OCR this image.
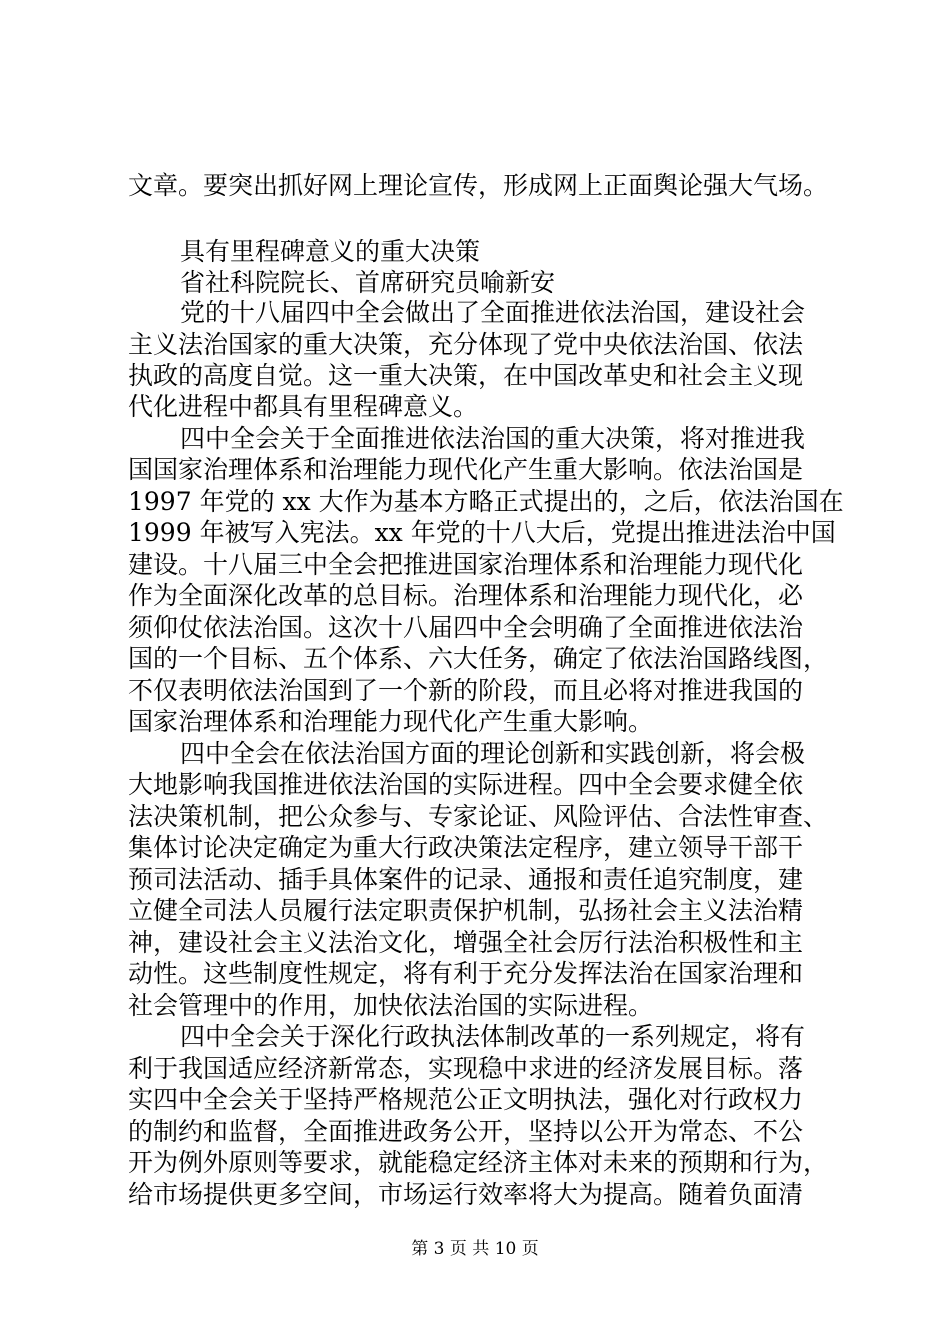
文章。要突出抓好网上理论宣传，形成网上正面舆论强大气场。
具有里程碑意义的重大决策
省社科院院长、首席研究员喻新安
党的十八届四中全会做出了全面推进依法治国，建设社会
主义法治国家的重大决策，充分体现了党中央依法治国、依法
执政的高度自觉。这一重大决策，在中国改革史和社会主义现
代化进程中都具有里程碑意义。
四中全会关于全面推进依法治国的重大决策，将对推进我
国国家治理体系和治理能力现代化产生重大影响。依法治国是
1997 年党的 xx 大作为基本方略正式提出的，之后，依法治国在
1999 年被写入宪法。xx 年党的十八大后，党提出推进法治中国
建设。十八届三中全会把推进国家治理体系和治理能力现代化
作为全面深化改革的总目标。治理体系和治理能力现代化，必
须仰仗依法治国。这次十八届四中全会明确了全面推进依法治
国的一个目标、五个体系、六大任务，确定了依法治国路线图，
不仅表明依法治国到了一个新的阶段，而且必将对推进我国的
国家治理体系和治理能力现代化产生重大影响。
四中全会在依法治国方面的理论创新和实践创新，将会极
大地影响我国推进依法治国的实际进程。四中全会要求健全依
法决策机制，把公众参与、专家论证、风险评估、合法性审查、
集体讨论决定确定为重大行政决策法定程序，建立领导干部干
预司法活动、插手具体案件的记录、通报和责任追究制度，建
立健全司法人员履行法定职责保护机制，弘扬社会主义法治精
神，建设社会主义法治文化，增强全社会厉行法治积极性和主
动性。这些制度性规定，将有利于充分发挥法治在国家治理和
社会管理中的作用，加快依法治国的实际进程。
四中全会关于深化行政执法体制改革的一系列规定，将有
利于我国适应经济新常态，实现稳中求进的经济发展目标。落
实四中全会关于坚持严格规范公正文明执法，强化对行政权力
的制约和监督，全面推进政务公开，坚持以公开为常态、不公
开为例外原则等要求，就能稳定经济主体对未来的预期和行为，
给市场提供更多空间，市场运行效率将大为提高。随着负面清
第 3 页 共 10 页
